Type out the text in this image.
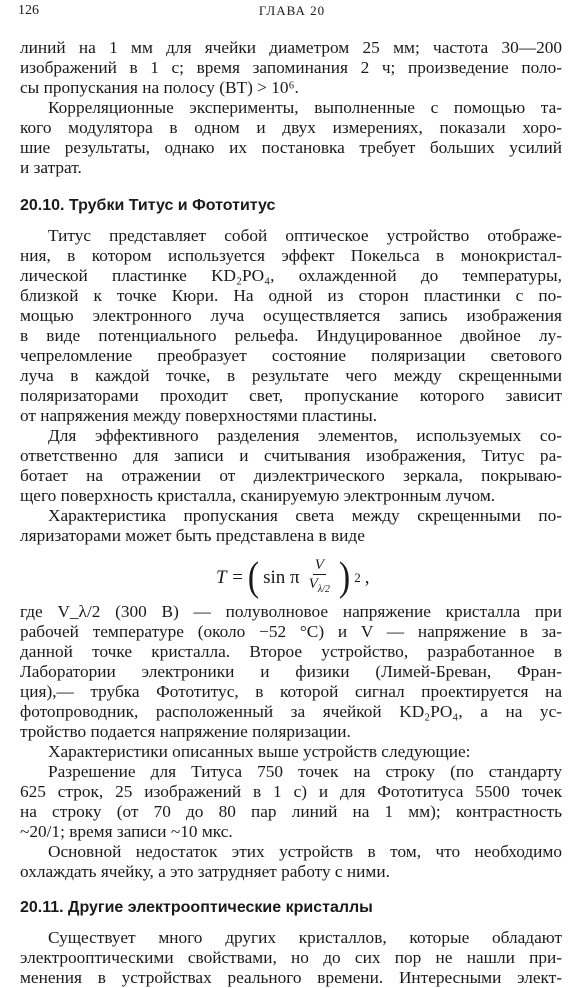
126	ГЛАВА 20
линий на 1 мм для ячейки диаметром 25 мм; частота 30—200
изображений в 1 с; время запоминания 2 ч; произведение поло-
сы пропускания на полосу (BT) > 10⁶.
Корреляционные эксперименты, выполненные с помощью та-
кого модулятора в одном и двух измерениях, показали хоро-
шие результаты, однако их постановка требует больших усилий
и затрат.
20.10. Трубки Титус и Фототитус
Титус представляет собой оптическое устройство отображе-
ния, в котором используется эффект Покельса в монокристал-
лической пластинке KD₂PO₄, охлажденной до температуры,
близкой к точке Кюри. На одной из сторон пластинки с по-
мощью электронного луча осуществляется запись изображения
в виде потенциального рельефа. Индуцированное двойное лу-
чепреломление преобразует состояние поляризации светового
луча в каждой точке, в результате чего между скрещенными
поляризаторами проходит свет, пропускание которого зависит
от напряжения между поверхностями пластины.
Для эффективного разделения элементов, используемых со-
ответственно для записи и считывания изображения, Титус ра-
ботает на отражении от диэлектрического зеркала, покрываю-
щего поверхность кристалла, сканируемую электронным лучом.
Характеристика пропускания света между скрещенными по-
ляризаторами может быть представлена в виде
T = ( sin π $\frac{V}{V_{\lambda/2}}$ ) 2 ,
где V_λ/2 (300 В) — полуволновое напряжение кристалла при
рабочей температуре (около −52 °C) и V — напряжение в за-
данной точке кристалла. Второе устройство, разработанное в
Лаборатории электроники и физики (Лимей-Бреван, Фран-
ция),— трубка Фототитус, в которой сигнал проектируется на
фотопроводник, расположенный за ячейкой KD₂PO₄, а на ус-
тройство подается напряжение поляризации.
Характеристики описанных выше устройств следующие:
Разрешение для Титуса 750 точек на строку (по стандарту
625 строк, 25 изображений в 1 с) и для Фототитуса 5500 точек
на строку (от 70 до 80 пар линий на 1 мм); контрастность
~20/1; время записи ~10 мкс.
Основной недостаток этих устройств в том, что необходимо
охлаждать ячейку, а это затрудняет работу с ними.
20.11. Другие электрооптические кристаллы
Существует много других кристаллов, которые обладают
электрооптическими свойствами, но до сих пор не нашли при-
менения в устройствах реального времени. Интересными элект-
